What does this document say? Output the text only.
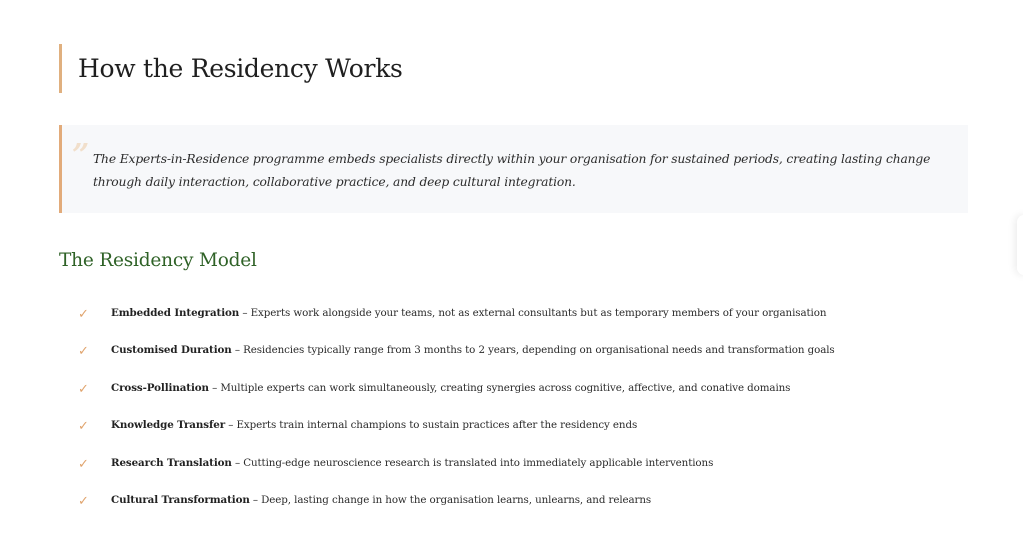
How the Residency Works
” The Experts-in-Residence programme embeds specialists directly within your organisation for sustained periods, creating lasting change through daily interaction, collaborative practice, and deep cultural integration.

The Residency Model
✓	Embedded Integration – Experts work alongside your teams, not as external consultants but as temporary members of your organisation
✓	Customised Duration – Residencies typically range from 3 months to 2 years, depending on organisational needs and transformation goals
✓	Cross-Pollination – Multiple experts can work simultaneously, creating synergies across cognitive, affective, and conative domains
✓	Knowledge Transfer – Experts train internal champions to sustain practices after the residency ends
✓	Research Translation – Cutting-edge neuroscience research is translated into immediately applicable interventions
✓	Cultural Transformation – Deep, lasting change in how the organisation learns, unlearns, and relearns
